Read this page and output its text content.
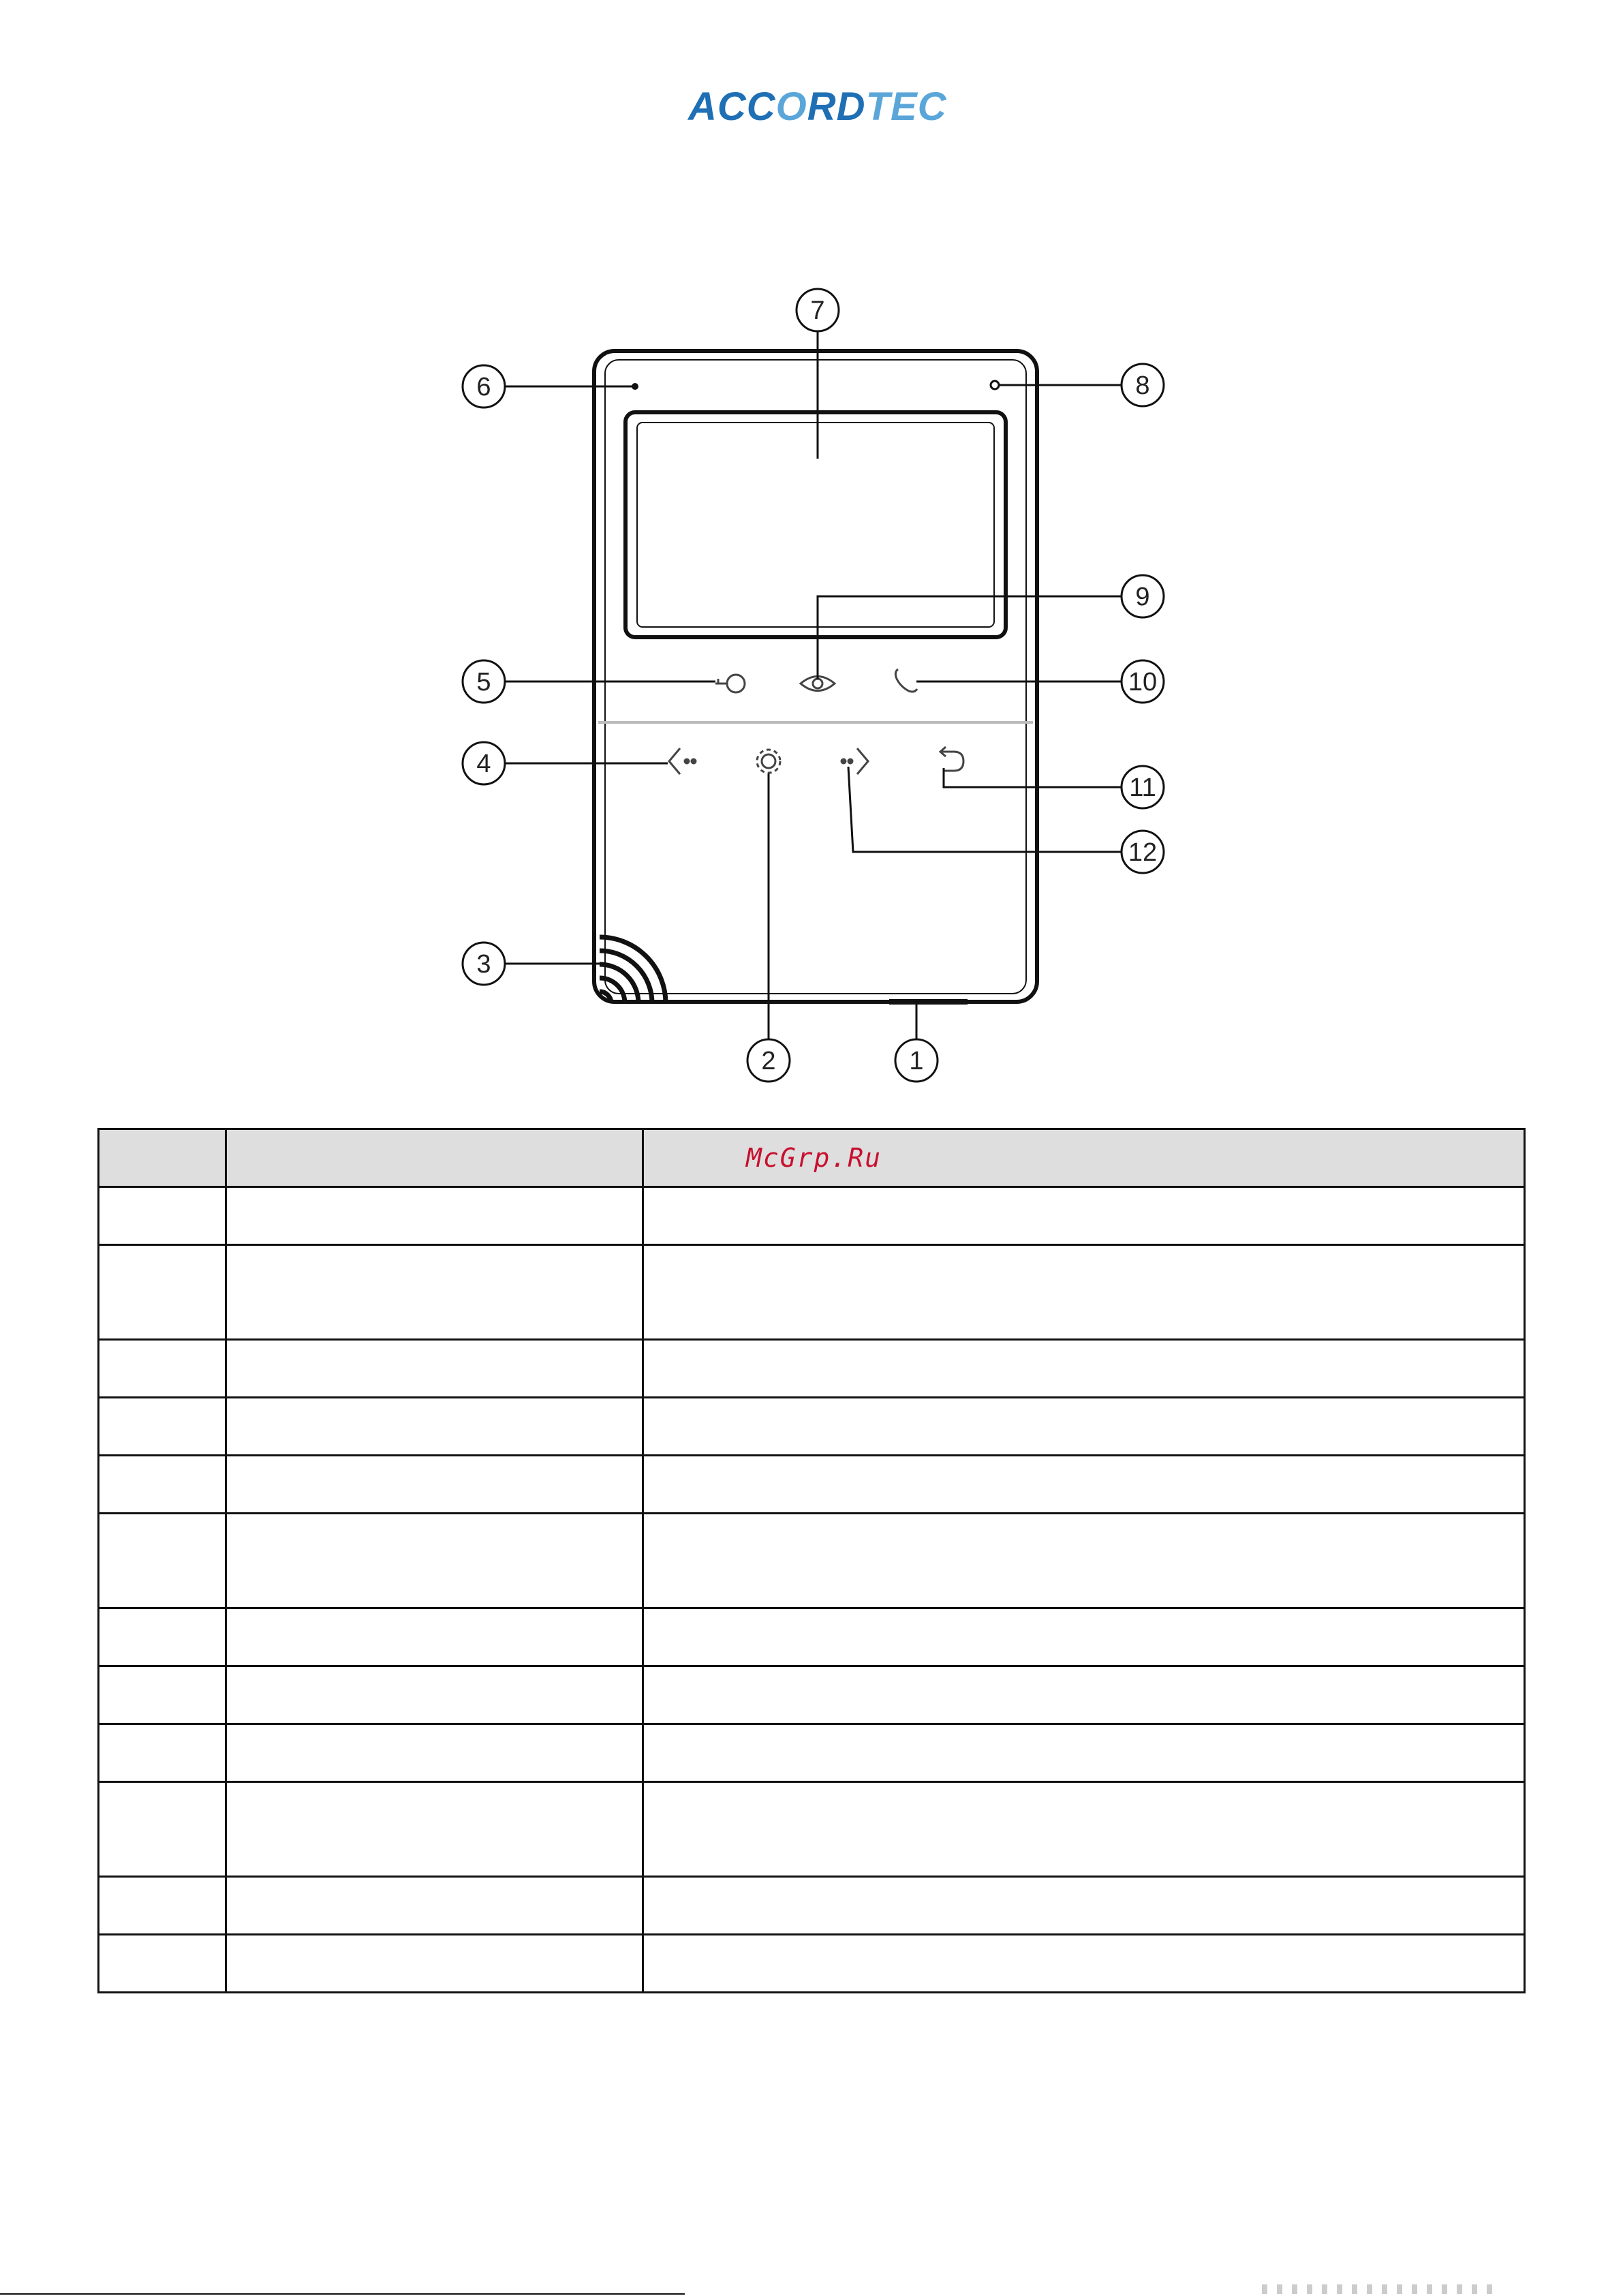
ACCORDTEC
1
2
3
4
5
6
7
8
9
10
11
12
		McGrp.Ru
